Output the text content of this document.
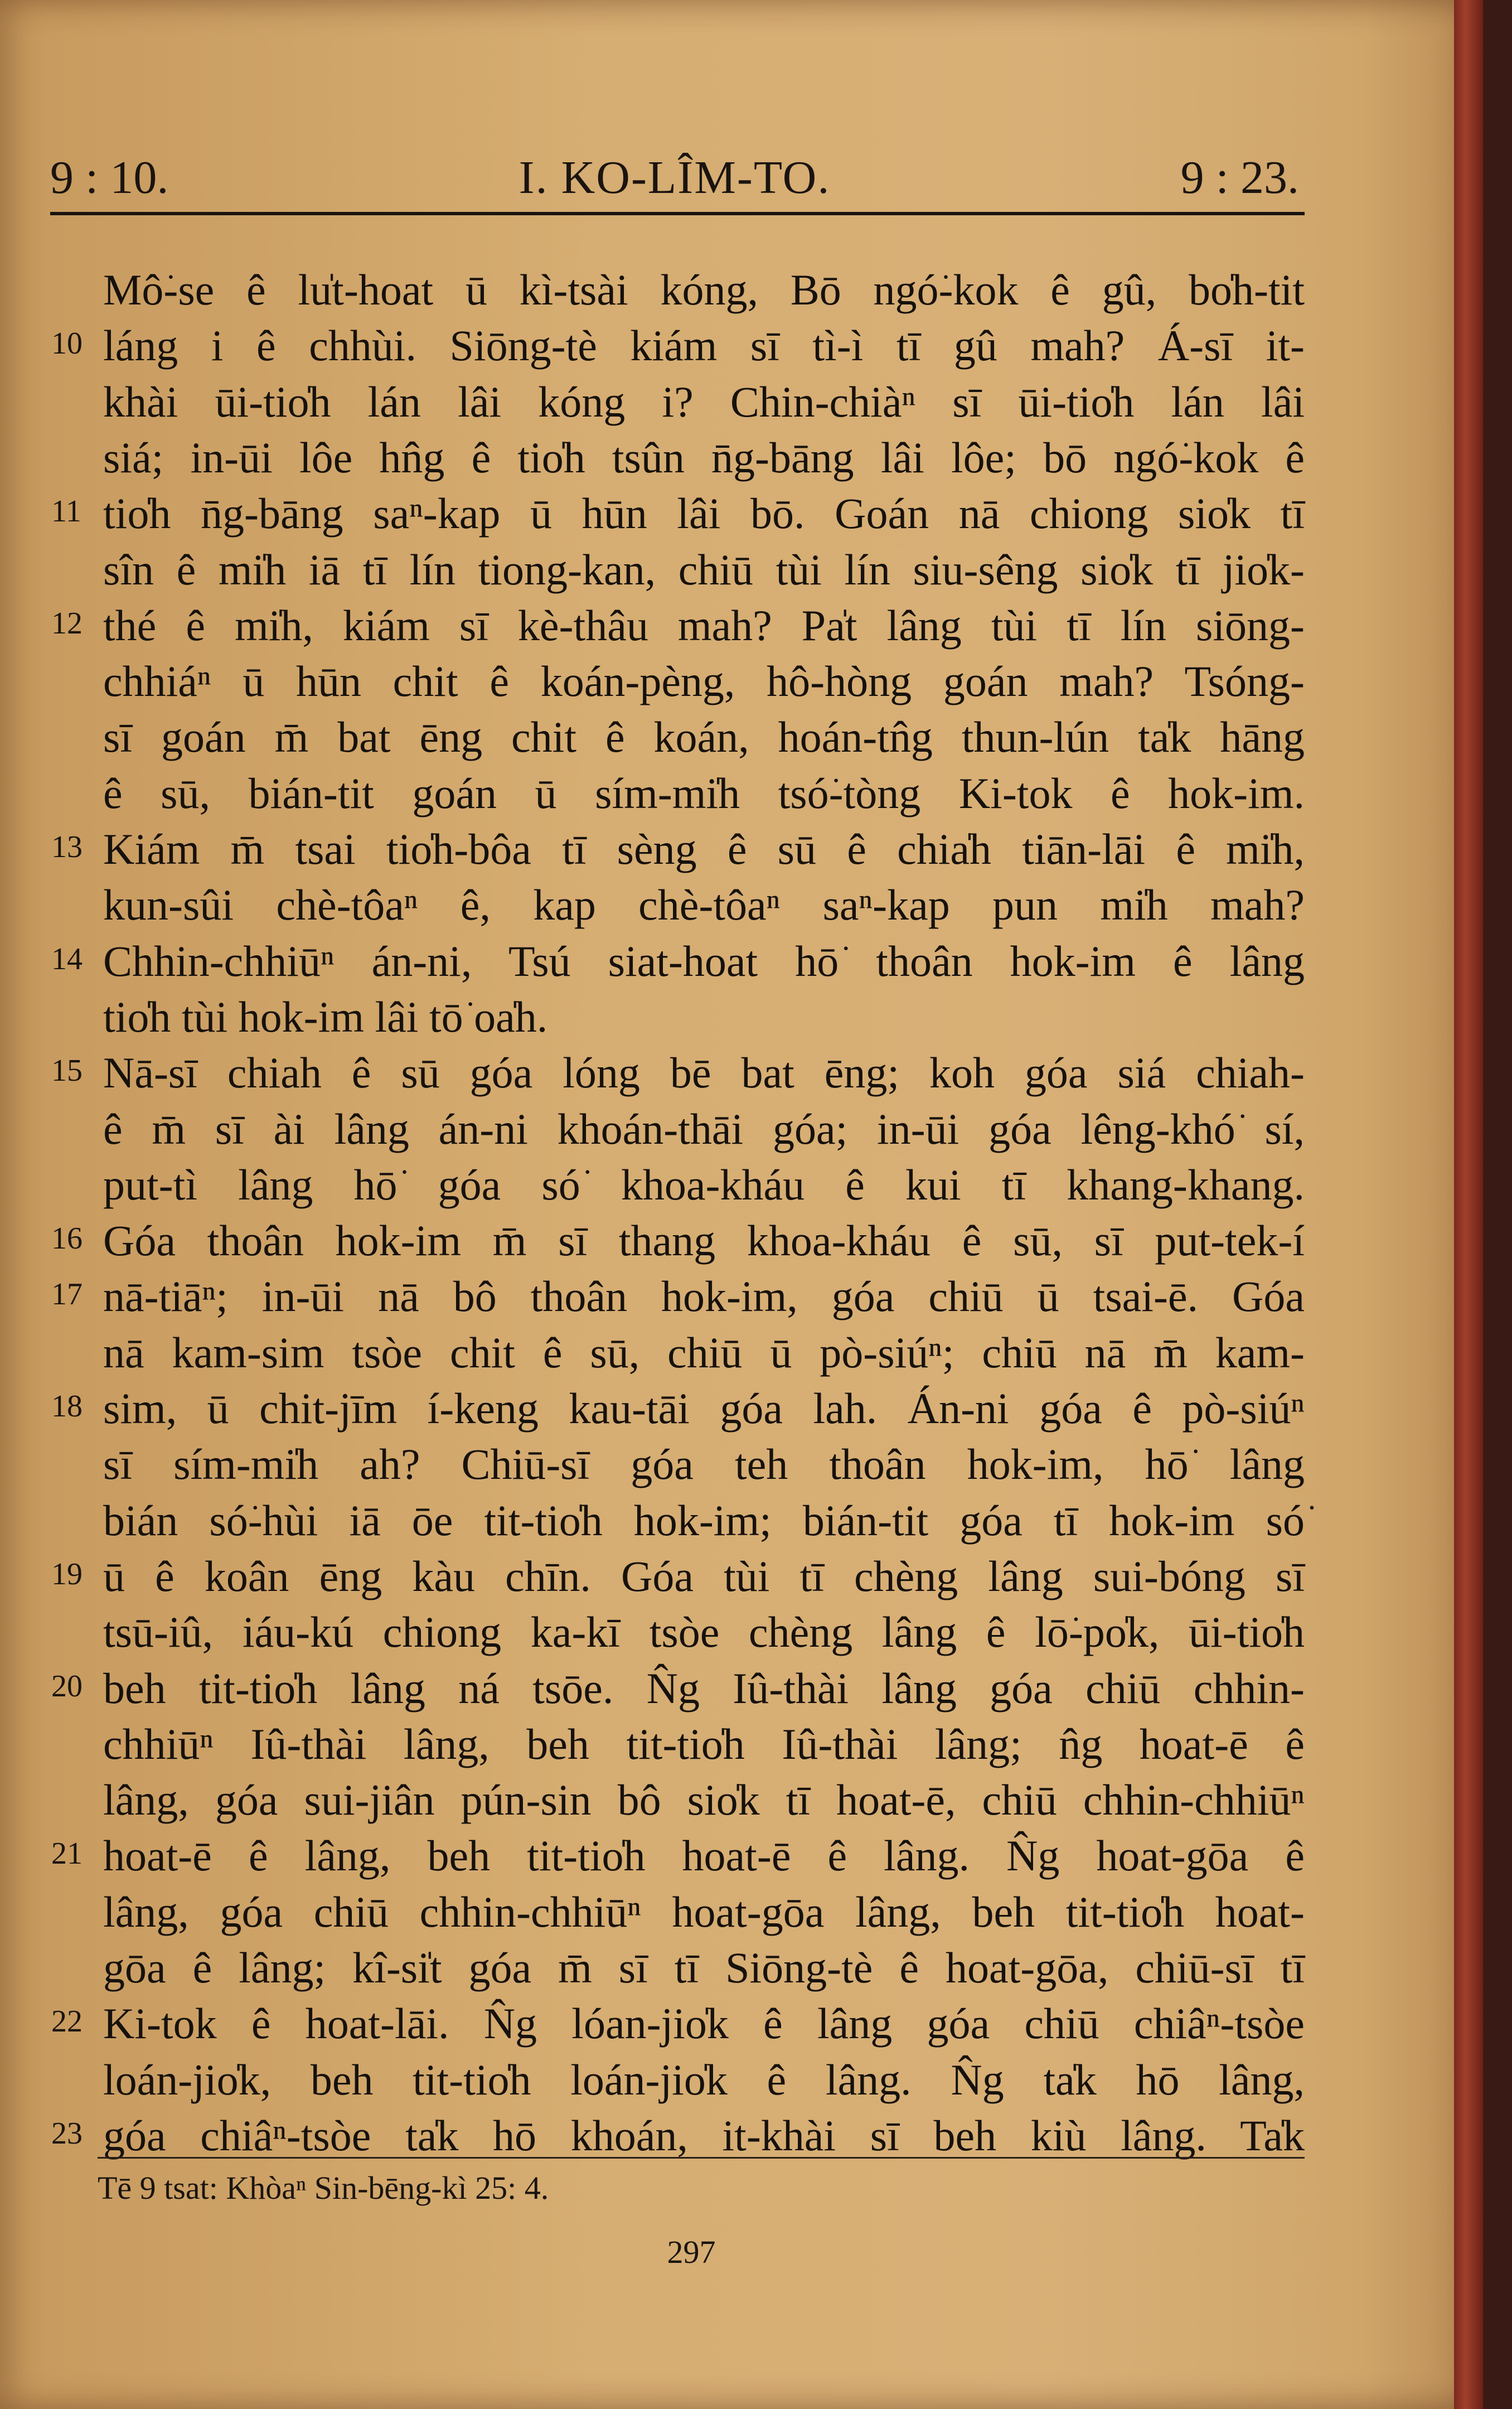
9 : 10.	I. KO-LÎM-TO.	9 : 23.
Mô͘-se ê lu̍t-hoat ū kì-tsài kóng, Bō ngó͘-kok ê gû, bo̍h-tit
10 láng i ê chhùi. Siōng-tè kiám sī tì-ì tī gû mah? Á-sī it-
khài ūi-tio̍h lán lâi kóng i? Chin-chiàⁿ sī ūi-tio̍h lán lâi
siá; in-ūi lôe hn̂g ê tio̍h tsûn n̄g-bāng lâi lôe; bō ngó͘-kok ê
11 tio̍h n̄g-bāng saⁿ-kap ū hūn lâi bō. Goán nā chiong sio̍k tī
sîn ê mi̍h iā tī lín tiong-kan, chiū tùi lín siu-sêng sio̍k tī jio̍k-
12 thé ê mi̍h, kiám sī kè-thâu mah? Pa̍t lâng tùi tī lín siōng-
chhiáⁿ ū hūn chit ê koán-pèng, hô-hòng goán mah? Tsóng-
sī goán m̄ bat ēng chit ê koán, hoán-tn̂g thun-lún ta̍k hāng
ê sū, bián-tit goán ū sím-mi̍h tsó͘-tòng Ki-tok ê hok-im.
13 Kiám m̄ tsai tio̍h-bôa tī sèng ê sū ê chia̍h tiān-lāi ê mi̍h,
kun-sûi chè-tôaⁿ ê, kap chè-tôaⁿ saⁿ-kap pun mi̍h mah?
14 Chhin-chhiūⁿ án-ni, Tsú siat-hoat hō͘ thoân hok-im ê lâng
tio̍h tùi hok-im lâi tō͘ oa̍h.
15 Nā-sī chiah ê sū góa lóng bē bat ēng; koh góa siá chiah-
ê m̄ sī ài lâng án-ni khoán-thāi góa; in-ūi góa lêng-khó͘ sí,
put-tì lâng hō͘ góa só͘ khoa-kháu ê kui tī khang-khang.
16 Góa thoân hok-im m̄ sī thang khoa-kháu ê sū, sī put-tek-í
17 nā-tiāⁿ; in-ūi nā bô thoân hok-im, góa chiū ū tsai-ē. Góa
nā kam-sim tsòe chit ê sū, chiū ū pò-siúⁿ; chiū nā m̄ kam-
18 sim, ū chit-jīm í-keng kau-tāi góa lah. Án-ni góa ê pò-siúⁿ
sī sím-mi̍h ah? Chiū-sī góa teh thoân hok-im, hō͘ lâng
bián só͘-hùi iā ōe tit-tio̍h hok-im; bián-tit góa tī hok-im só͘
19 ū ê koân ēng kàu chīn. Góa tùi tī chèng lâng sui-bóng sī
tsū-iû, iáu-kú chiong ka-kī tsòe chèng lâng ê lō͘-po̍k, ūi-tio̍h
20 beh tit-tio̍h lâng ná tsōe. N̂g Iû-thài lâng góa chiū chhin-
chhiūⁿ Iû-thài lâng, beh tit-tio̍h Iû-thài lâng; n̂g hoat-ē ê
lâng, góa sui-jiân pún-sin bô sio̍k tī hoat-ē, chiū chhin-chhiūⁿ
21 hoat-ē ê lâng, beh tit-tio̍h hoat-ē ê lâng. N̂g hoat-gōa ê
lâng, góa chiū chhin-chhiūⁿ hoat-gōa lâng, beh tit-tio̍h hoat-
gōa ê lâng; kî-si̍t góa m̄ sī tī Siōng-tè ê hoat-gōa, chiū-sī tī
22 Ki-tok ê hoat-lāi. N̂g lóan-jio̍k ê lâng góa chiū chiâⁿ-tsòe
loán-jio̍k, beh tit-tio̍h loán-jio̍k ê lâng. N̂g ta̍k hō lâng,
23 góa chiâⁿ-tsòe ta̍k hō khoán, it-khài sī beh kiù lâng. Ta̍k
Tē 9 tsat: Khòaⁿ Sin-bēng-kì 25: 4.
297
